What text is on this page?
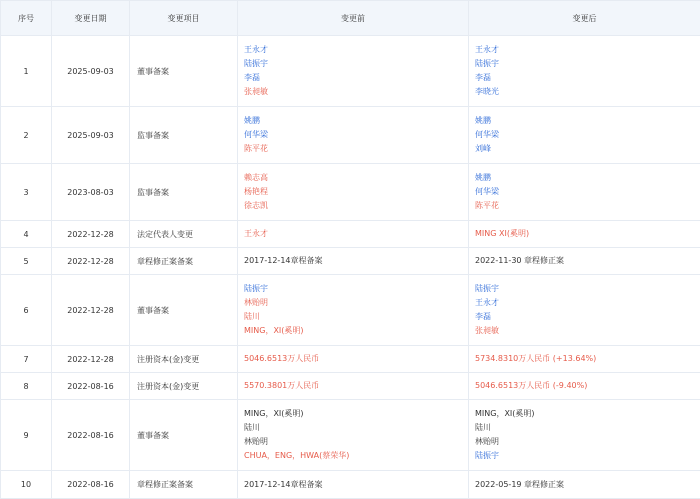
序号	变更日期	变更项目	变更前	变更后
1	2025-09-03	董事备案	王永才
陆振宇
李磊
张昶敏	王永才
陆振宇
李磊
李晓光

2	2025-09-03	监事备案	姚鹏
何华梁
陈平花	姚鹏
何华梁
刘峰

3	2023-08-03	监事备案	赖志高
杨艳程
徐志凯	姚鹏
何华梁
陈平花

4	2022-12-28	法定代表人变更	王永才	MING XI(奚明)

5	2022-12-28	章程修正案备案	2017-12-14章程备案	2022-11-30 章程修正案

6	2022-12-28	董事备案	陆振宇
林贻明
陆川
MING，XI(奚明)	陆振宇
王永才
李磊
张昶敏

7	2022-12-28	注册资本(金)变更	5046.6513万人民币	5734.8310万人民币 (+13.64%)

8	2022-08-16	注册资本(金)变更	5570.3801万人民币	5046.6513万人民币 (-9.40%)

9	2022-08-16	董事备案	MING，XI(奚明)
陆川
林贻明
CHUA，ENG，HWA(蔡荣华)	MING，XI(奚明)
陆川
林贻明
陆振宇

10	2022-08-16	章程修正案备案	2017-12-14章程备案	2022-05-19 章程修正案
